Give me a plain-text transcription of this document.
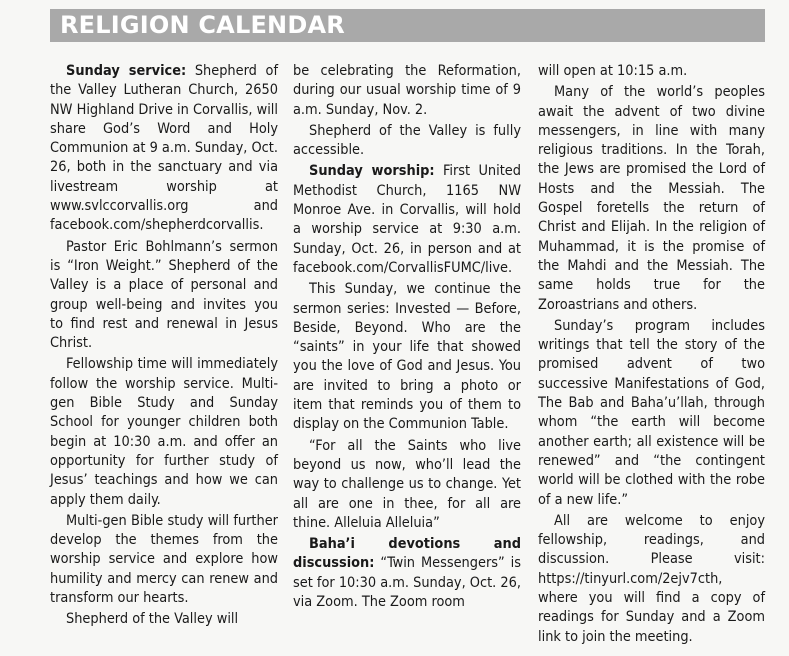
RELIGION CALENDAR

Sunday service: Shepherd of the Valley Lutheran Church, 2650 NW Highland Drive in Corvallis, will share God’s Word and Holy Communion at 9 a.m. Sunday, Oct. 26, both in the sanctuary and via livestream worship at www.svlccorvallis.org and facebook.com/shepherdcorvallis.

Pastor Eric Bohlmann’s sermon is “Iron Weight.” Shepherd of the Valley is a place of personal and group well-being and invites you to find rest and renewal in Jesus Christ.

Fellowship time will immediately follow the worship service. Multi-gen Bible Study and Sunday School for younger children both begin at 10:30 a.m. and offer an opportunity for further study of Jesus’ teachings and how we can apply them daily.

Multi-gen Bible study will further develop the themes from the worship service and explore how humility and mercy can renew and transform our hearts.

Shepherd of the Valley will

be celebrating the Reformation, during our usual worship time of 9 a.m. Sunday, Nov. 2.

Shepherd of the Valley is fully accessible.

Sunday worship: First United Methodist Church, 1165 NW Monroe Ave. in Corvallis, will hold a worship service at 9:30 a.m. Sunday, Oct. 26, in person and at facebook.com/CorvallisFUMC/live.

This Sunday, we continue the sermon series: Invested — Before, Beside, Beyond. Who are the “saints” in your life that showed you the love of God and Jesus. You are invited to bring a photo or item that reminds you of them to display on the Communion Table.

“For all the Saints who live beyond us now, who’ll lead the way to challenge us to change. Yet all are one in thee, for all are thine. Alleluia Alleluia”

Baha’i devotions and discussion: “Twin Messengers” is set for 10:30 a.m. Sunday, Oct. 26, via Zoom. The Zoom room

will open at 10:15 a.m.

Many of the world’s peoples await the advent of two divine messengers, in line with many religious traditions. In the Torah, the Jews are promised the Lord of Hosts and the Messiah. The Gospel foretells the return of Christ and Elijah. In the religion of Muhammad, it is the promise of the Mahdi and the Messiah. The same holds true for the Zoroastrians and others.

Sunday’s program includes writings that tell the story of the promised advent of two successive Manifestations of God, The Bab and Baha’u’llah, through whom “the earth will become another earth; all existence will be renewed” and “the contingent world will be clothed with the robe of a new life.”

All are welcome to enjoy fellowship, readings, and discussion. Please visit: https://tinyurl.com/2ejv7cth, where you will find a copy of readings for Sunday and a Zoom link to join the meeting.
